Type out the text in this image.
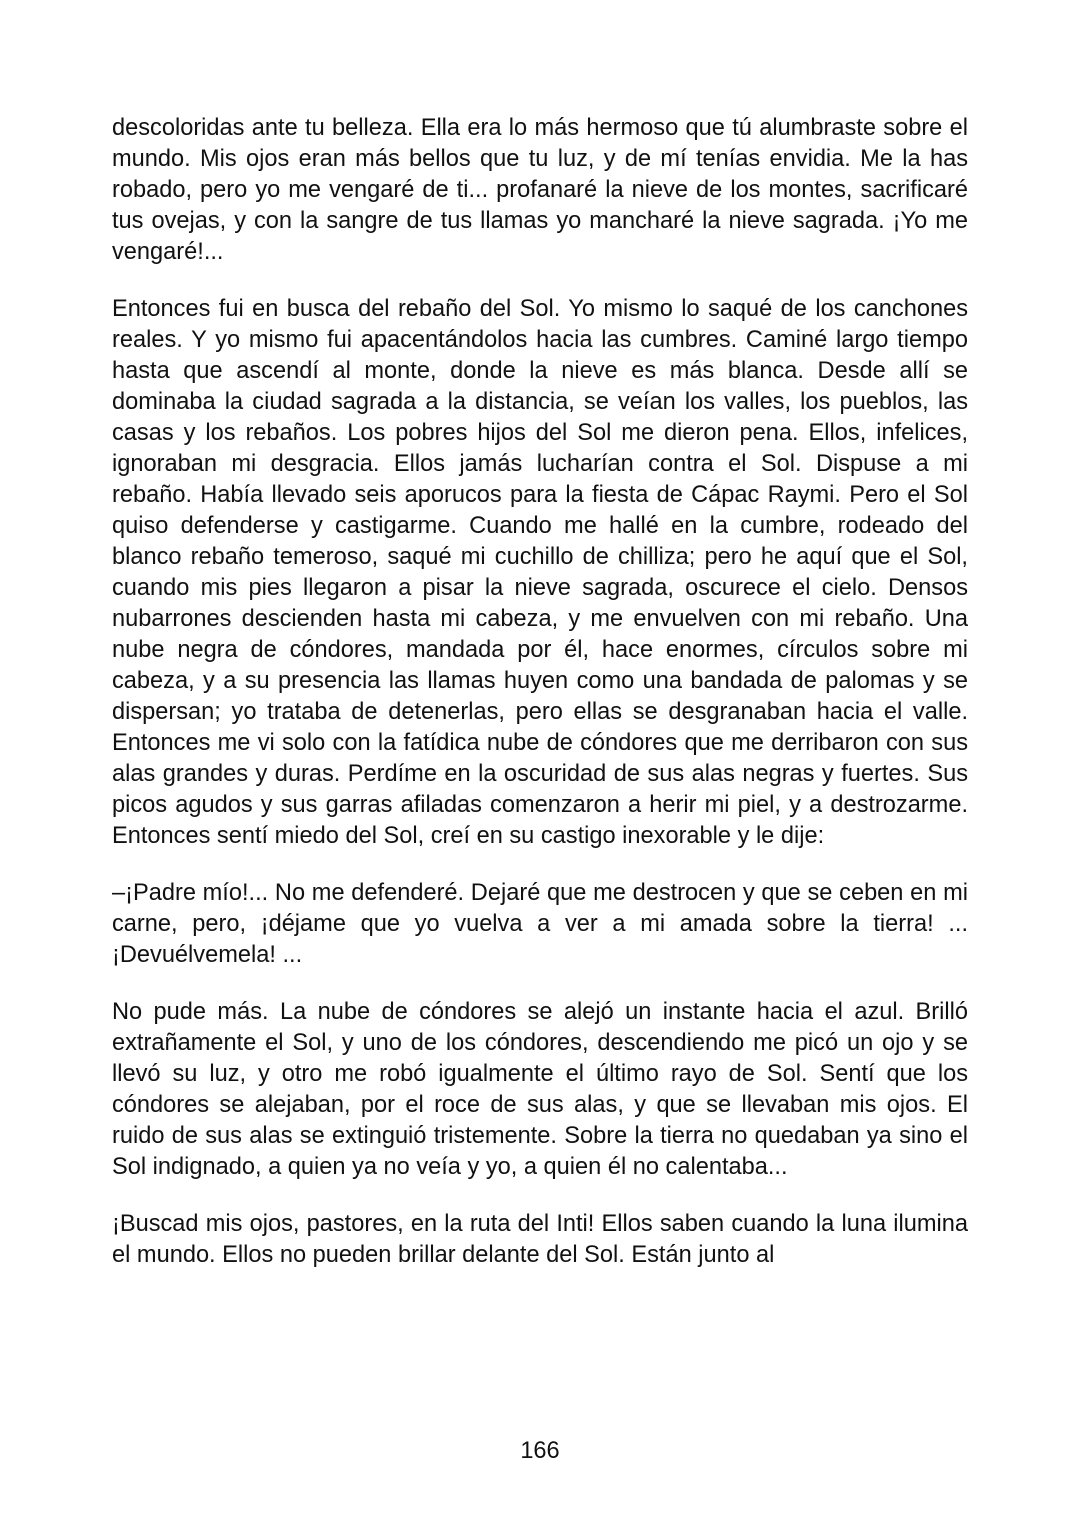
descoloridas ante tu belleza. Ella era lo más hermoso que tú alumbraste sobre el mundo. Mis ojos eran más bellos que tu luz, y de mí tenías envidia. Me la has robado, pero yo me vengaré de ti... profanaré la nieve de los montes, sacrificaré tus ovejas, y con la sangre de tus llamas yo mancharé la nieve sagrada. ¡Yo me vengaré!...

Entonces fui en busca del rebaño del Sol. Yo mismo lo saqué de los canchones reales. Y yo mismo fui apacentándolos hacia las cumbres. Caminé largo tiempo hasta que ascendí al monte, donde la nieve es más blanca. Desde allí se dominaba la ciudad sagrada a la distancia, se veían los valles, los pueblos, las casas y los rebaños. Los pobres hijos del Sol me dieron pena. Ellos, infelices, ignoraban mi desgracia. Ellos jamás lucharían contra el Sol. Dispuse a mi rebaño. Había llevado seis aporucos para la fiesta de Cápac Raymi. Pero el Sol quiso defenderse y castigarme. Cuando me hallé en la cumbre, rodeado del blanco rebaño temeroso, saqué mi cuchillo de chilliza; pero he aquí que el Sol, cuando mis pies llegaron a pisar la nieve sagrada, oscurece el cielo. Densos nubarrones descienden hasta mi cabeza, y me envuelven con mi rebaño. Una nube negra de cóndores, mandada por él, hace enormes, círculos sobre mi cabeza, y a su presencia las llamas huyen como una bandada de palomas y se dispersan; yo trataba de detenerlas, pero ellas se desgranaban hacia el valle. Entonces me vi solo con la fatídica nube de cóndores que me derribaron con sus alas grandes y duras. Perdíme en la oscuridad de sus alas negras y fuertes. Sus picos agudos y sus garras afiladas comenzaron a herir mi piel, y a destrozarme. Entonces sentí miedo del Sol, creí en su castigo inexorable y le dije:

–¡Padre mío!... No me defenderé. Dejaré que me destrocen y que se ceben en mi carne, pero, ¡déjame que yo vuelva a ver a mi amada sobre la tierra! ... ¡Devuélvemela! ...

No pude más. La nube de cóndores se alejó un instante hacia el azul. Brilló extrañamente el Sol, y uno de los cóndores, descendiendo me picó un ojo y se llevó su luz, y otro me robó igualmente el último rayo de Sol. Sentí que los cóndores se alejaban, por el roce de sus alas, y que se llevaban mis ojos. El ruido de sus alas se extinguió tristemente. Sobre la tierra no quedaban ya sino el Sol indignado, a quien ya no veía y yo, a quien él no calentaba...

¡Buscad mis ojos, pastores, en la ruta del Inti! Ellos saben cuando la luna ilumina el mundo. Ellos no pueden brillar delante del Sol. Están junto al

166
